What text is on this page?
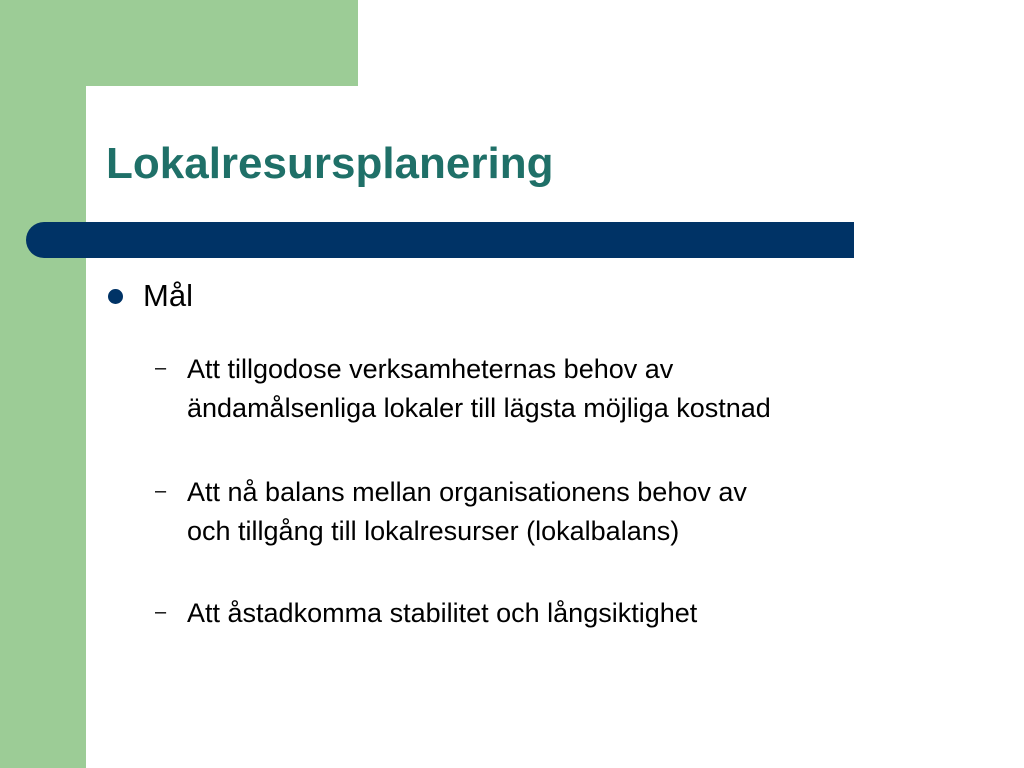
Lokalresursplanering
Mål
– Att tillgodose verksamheternas behov av
ändamålsenliga lokaler till lägsta möjliga kostnad
– Att nå balans mellan organisationens behov av
och tillgång till lokalresurser (lokalbalans)
– Att åstadkomma stabilitet och långsiktighet
